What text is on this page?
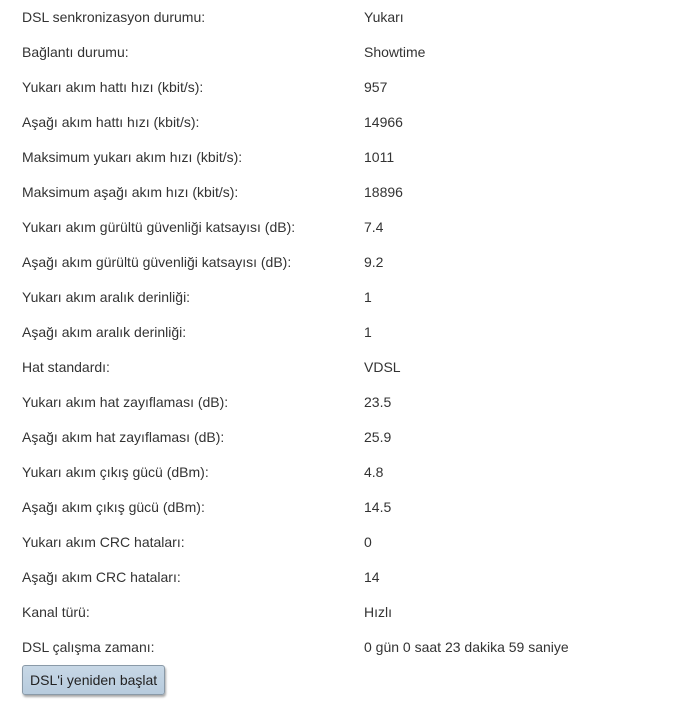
DSL senkronizasyon durumu:	Yukarı
Bağlantı durumu:	Showtime
Yukarı akım hattı hızı (kbit/s):	957
Aşağı akım hattı hızı (kbit/s):	14966
Maksimum yukarı akım hızı (kbit/s):	1011
Maksimum aşağı akım hızı (kbit/s):	18896
Yukarı akım gürültü güvenliği katsayısı (dB):	7.4
Aşağı akım gürültü güvenliği katsayısı (dB):	9.2
Yukarı akım aralık derinliği:	1
Aşağı akım aralık derinliği:	1
Hat standardı:	VDSL
Yukarı akım hat zayıflaması (dB):	23.5
Aşağı akım hat zayıflaması (dB):	25.9
Yukarı akım çıkış gücü (dBm):	4.8
Aşağı akım çıkış gücü (dBm):	14.5
Yukarı akım CRC hataları:	0
Aşağı akım CRC hataları:	14
Kanal türü:	Hızlı
DSL çalışma zamanı:	0 gün 0 saat 23 dakika 59 saniye
DSL'i yeniden başlat
